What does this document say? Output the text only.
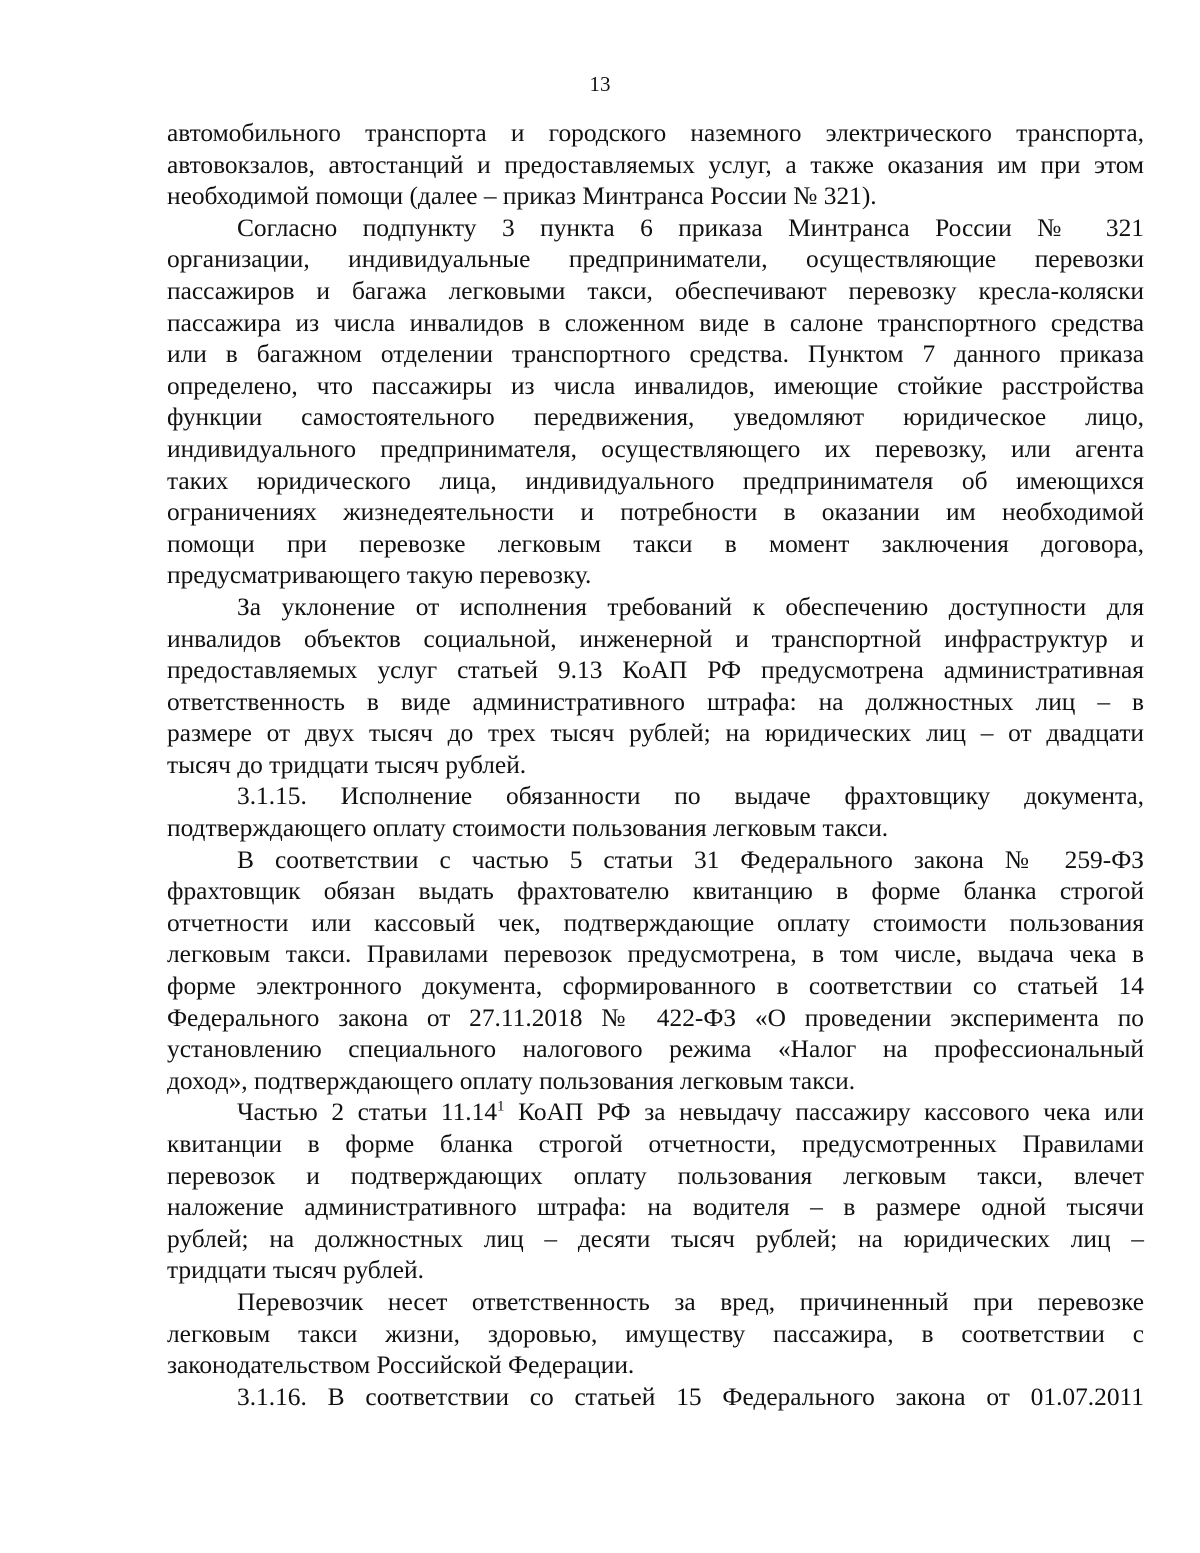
13
автомобильного транспорта и городского наземного электрического транспорта,
автовокзалов, автостанций и предоставляемых услуг, а также оказания им при этом
необходимой помощи (далее – приказ Минтранса России № 321).
Согласно подпункту 3 пункта 6 приказа Минтранса России № 321
организации, индивидуальные предприниматели, осуществляющие перевозки
пассажиров и багажа легковыми такси, обеспечивают перевозку кресла-коляски
пассажира из числа инвалидов в сложенном виде в салоне транспортного средства
или в багажном отделении транспортного средства. Пунктом 7 данного приказа
определено, что пассажиры из числа инвалидов, имеющие стойкие расстройства
функции самостоятельного передвижения, уведомляют юридическое лицо,
индивидуального предпринимателя, осуществляющего их перевозку, или агента
таких юридического лица, индивидуального предпринимателя об имеющихся
ограничениях жизнедеятельности и потребности в оказании им необходимой
помощи при перевозке легковым такси в момент заключения договора,
предусматривающего такую перевозку.
За уклонение от исполнения требований к обеспечению доступности для
инвалидов объектов социальной, инженерной и транспортной инфраструктур и
предоставляемых услуг статьей 9.13 КоАП РФ предусмотрена административная
ответственность в виде административного штрафа: на должностных лиц – в
размере от двух тысяч до трех тысяч рублей; на юридических лиц – от двадцати
тысяч до тридцати тысяч рублей.
3.1.15. Исполнение обязанности по выдаче фрахтовщику документа,
подтверждающего оплату стоимости пользования легковым такси.
В соответствии с частью 5 статьи 31 Федерального закона № 259-ФЗ
фрахтовщик обязан выдать фрахтователю квитанцию в форме бланка строгой
отчетности или кассовый чек, подтверждающие оплату стоимости пользования
легковым такси. Правилами перевозок предусмотрена, в том числе, выдача чека в
форме электронного документа, сформированного в соответствии со статьей 14
Федерального закона от 27.11.2018 № 422-ФЗ «О проведении эксперимента по
установлению специального налогового режима «Налог на профессиональный
доход», подтверждающего оплату пользования легковым такси.
Частью 2 статьи 11.14$^1$ КоАП РФ за невыдачу пассажиру кассового чека или
квитанции в форме бланка строгой отчетности, предусмотренных Правилами
перевозок и подтверждающих оплату пользования легковым такси, влечет
наложение административного штрафа: на водителя – в размере одной тысячи
рублей; на должностных лиц – десяти тысяч рублей; на юридических лиц –
тридцати тысяч рублей.
Перевозчик несет ответственность за вред, причиненный при перевозке
легковым такси жизни, здоровью, имуществу пассажира, в соответствии с
законодательством Российской Федерации.
3.1.16. В соответствии со статьей 15 Федерального закона от 01.07.2011
